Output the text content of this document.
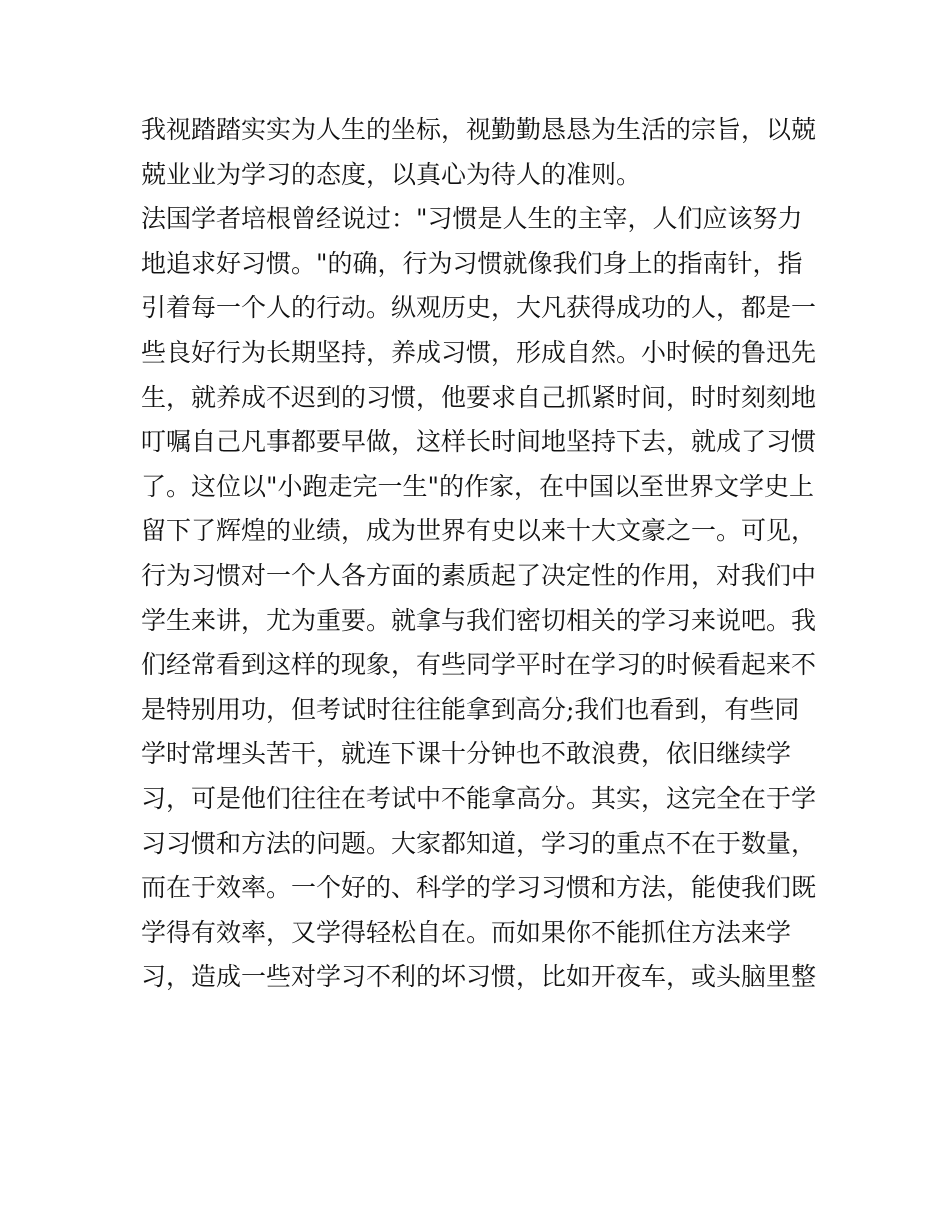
我视踏踏实实为人生的坐标，视勤勤恳恳为生活的宗旨，以兢
兢业业为学习的态度，以真心为待人的准则。
法国学者培根曾经说过："习惯是人生的主宰，人们应该努力
地追求好习惯。"的确，行为习惯就像我们身上的指南针，指
引着每一个人的行动。纵观历史，大凡获得成功的人，都是一
些良好行为长期坚持，养成习惯，形成自然。小时候的鲁迅先
生，就养成不迟到的习惯，他要求自己抓紧时间，时时刻刻地
叮嘱自己凡事都要早做，这样长时间地坚持下去，就成了习惯
了。这位以"小跑走完一生"的作家，在中国以至世界文学史上
留下了辉煌的业绩，成为世界有史以来十大文豪之一。可见，
行为习惯对一个人各方面的素质起了决定性的作用，对我们中
学生来讲，尤为重要。就拿与我们密切相关的学习来说吧。我
们经常看到这样的现象，有些同学平时在学习的时候看起来不
是特别用功，但考试时往往能拿到高分;我们也看到，有些同
学时常埋头苦干，就连下课十分钟也不敢浪费，依旧继续学
习，可是他们往往在考试中不能拿高分。其实，这完全在于学
习习惯和方法的问题。大家都知道，学习的重点不在于数量，
而在于效率。一个好的、科学的学习习惯和方法，能使我们既
学得有效率，又学得轻松自在。而如果你不能抓住方法来学
习，造成一些对学习不利的坏习惯，比如开夜车，或头脑里整
